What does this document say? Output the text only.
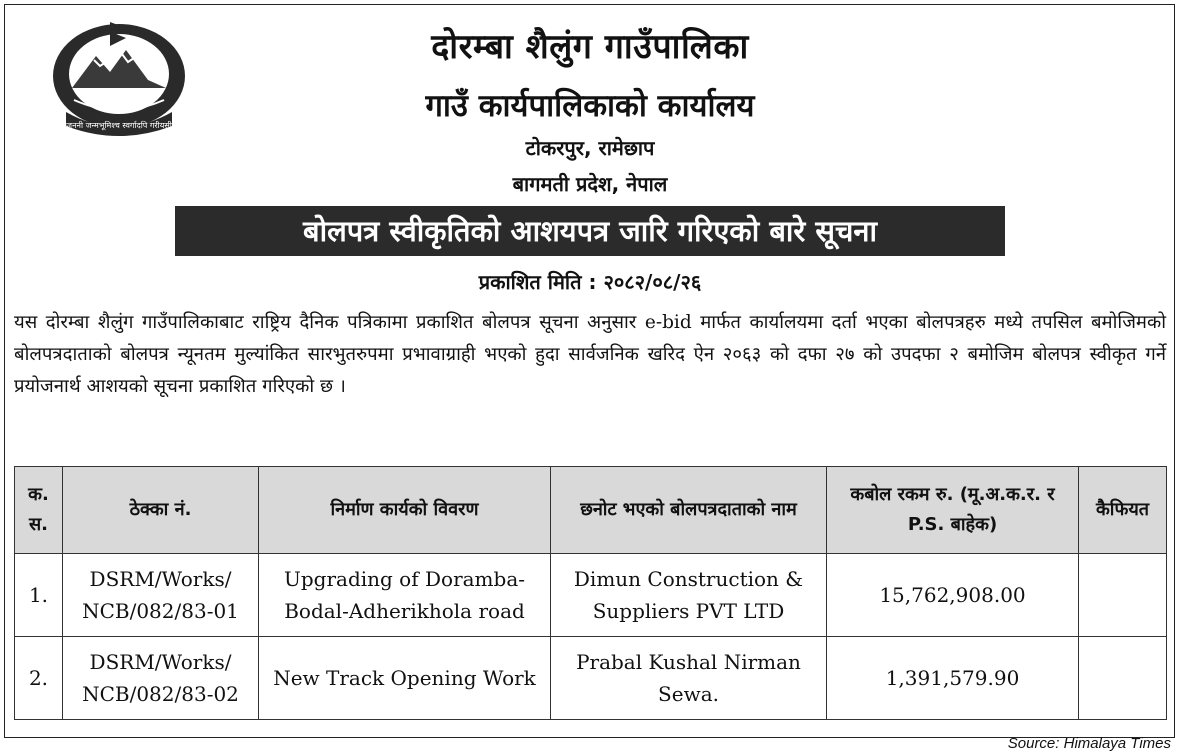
जननी जन्मभूमिश्च स्वर्गादपि गरीयसी
दोरम्बा शैलुंग गाउँपालिका
गाउँ कार्यपालिकाको कार्यालय
टोकरपुर, रामेछाप
बागमती प्रदेश, नेपाल
बोलपत्र स्वीकृतिको आशयपत्र जारि गरिएको बारे सूचना
प्रकाशित मिति : २०८२/०८/२६
यस दोरम्बा शैलुंग गाउँपालिकाबाट राष्ट्रिय दैनिक पत्रिकामा प्रकाशित बोलपत्र सूचना अनुसार e-bid मार्फत कार्यालयमा दर्ता भएका बोलपत्रहरु मध्ये तपसिल बमोजिमको बोलपत्रदाताको बोलपत्र न्यूनतम मुल्यांकित सारभुतरुपमा प्रभावाग्राही भएको हुदा सार्वजनिक खरिद ऐन २०६३ को दफा २७ को उपदफा २ बमोजिम बोलपत्र स्वीकृत गर्ने प्रयोजनार्थ आशयको सूचना प्रकाशित गरिएको छ ।
क. स.	ठेक्का नं.	निर्माण कार्यको विवरण	छनोट भएको बोलपत्रदाताको नाम	कबोल रकम रु. (मू.अ.क.र. र P.S. बाहेक)	कैफियत
1.	DSRM/Works/ NCB/082/83-01	Upgrading of Doramba-Bodal-Adherikhola road	Dimun Construction & Suppliers PVT LTD	15,762,908.00	
2.	DSRM/Works/ NCB/082/83-02	New Track Opening Work	Prabal Kushal Nirman Sewa.	1,391,579.90	
Source: Himalaya Times
